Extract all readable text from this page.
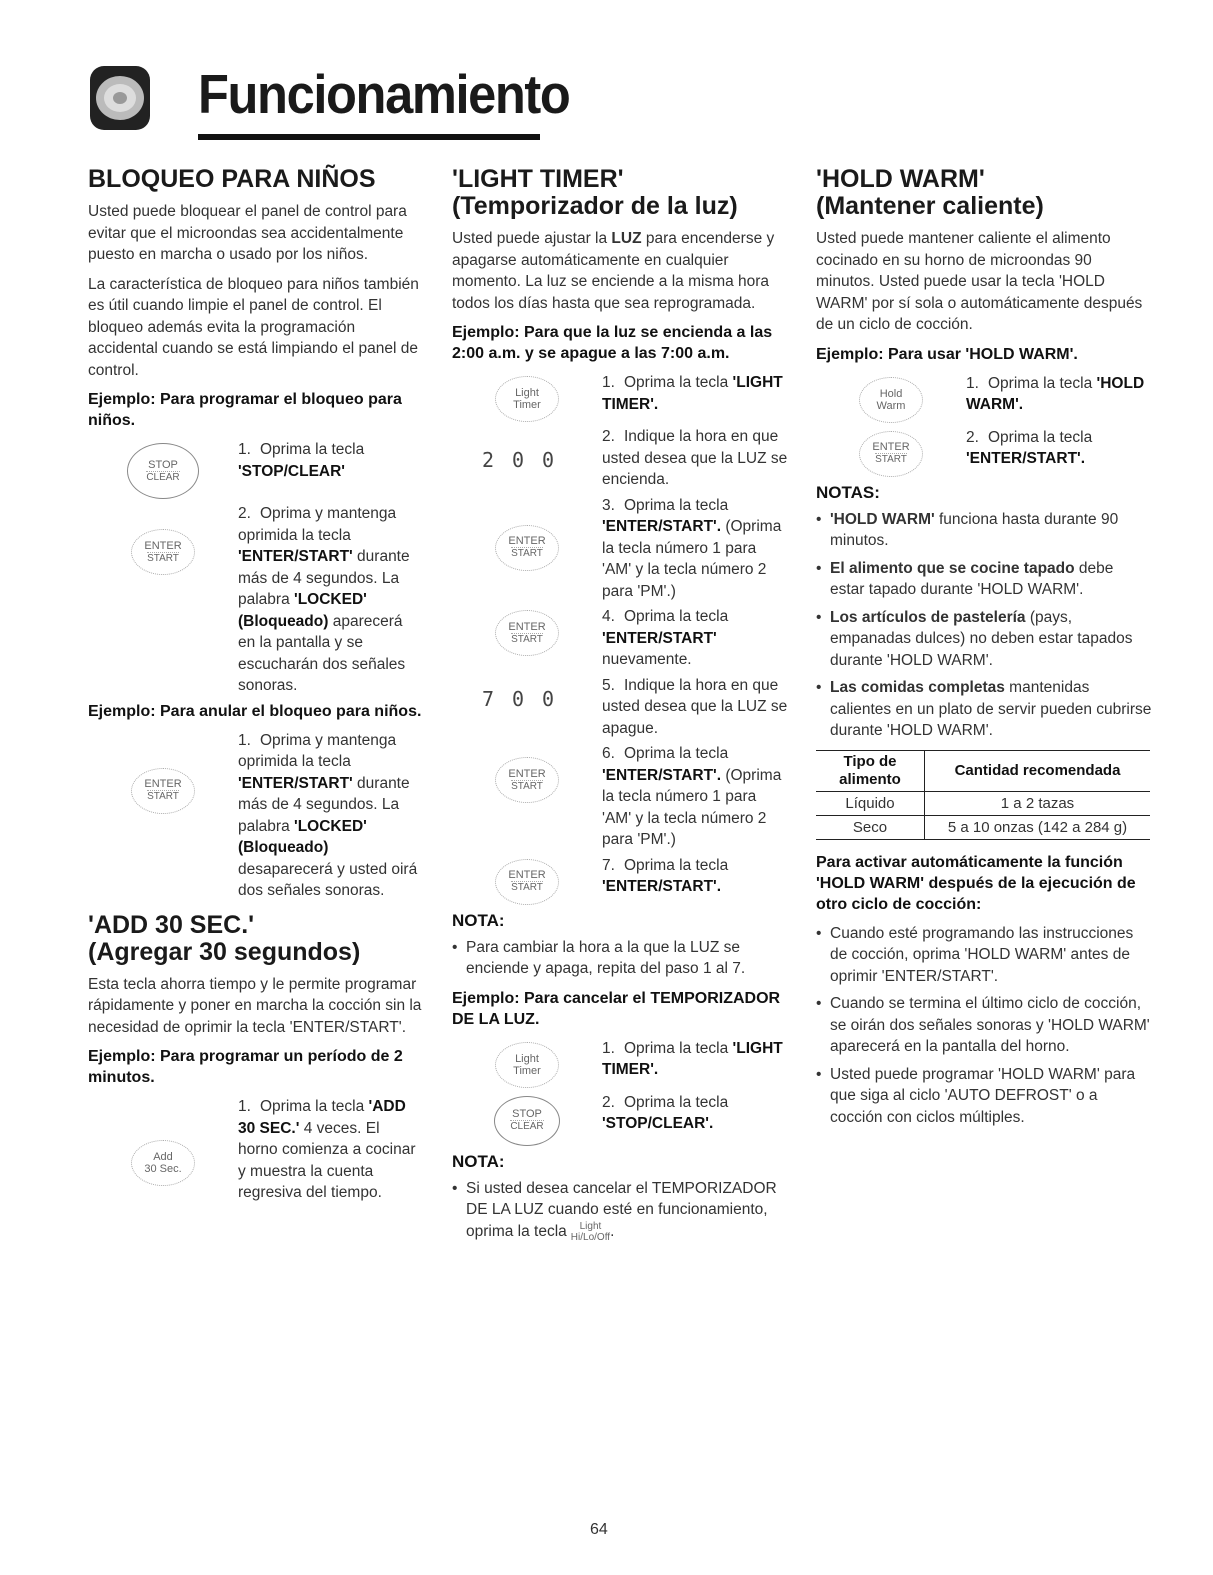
Funcionamiento
BLOQUEO PARA NIÑOS

Usted puede bloquear el panel de control para evitar que el microondas sea accidentalmente puesto en marcha o usado por los niños.

La característica de bloqueo para niños también es útil cuando limpie el panel de control. El bloqueo además evita la programación accidental cuando se está limpiando el panel de control.

Ejemplo: Para programar el bloqueo para niños.

STOP
CLEAR
1. Oprima la tecla 'STOP/CLEAR'
ENTER
START
2. Oprima y mantenga oprimida la tecla 'ENTER/START' durante más de 4 segundos. La palabra 'LOCKED' (Bloqueado) aparecerá en la pantalla y se escucharán dos señales sonoras.

Ejemplo: Para anular el bloqueo para niños.

ENTER
START
1. Oprima y mantenga oprimida la tecla 'ENTER/START' durante más de 4 segundos. La palabra 'LOCKED' (Bloqueado) desaparecerá y usted oirá dos señales sonoras.
'ADD 30 SEC.'
(Agregar 30 segundos)

Esta tecla ahorra tiempo y le permite programar rápidamente y poner en marcha la cocción sin la necesidad de oprimir la tecla 'ENTER/START'.

Ejemplo: Para programar un período de 2 minutos.

Add
30 Sec.
1. Oprima la tecla 'ADD 30 SEC.' 4 veces. El horno comienza a cocinar y muestra la cuenta regresiva del tiempo.
'LIGHT TIMER'
(Temporizador de la luz)

Usted puede ajustar la LUZ para encenderse y apagarse automáticamente en cualquier momento. La luz se enciende a la misma hora todos los días hasta que sea reprogramada.

Ejemplo: Para que la luz se encienda a las 2:00 a.m. y se apague a las 7:00 a.m.

Light
Timer
1. Oprima la tecla 'LIGHT TIMER'.
200
2. Indique la hora en que usted desea que la LUZ se encienda.
ENTER
START
3. Oprima la tecla 'ENTER/START'. (Oprima la tecla número 1 para 'AM' y la tecla número 2 para 'PM'.)
ENTER
START
4. Oprima la tecla 'ENTER/START' nuevamente.
700
5. Indique la hora en que usted desea que la LUZ se apague.
ENTER
START
6. Oprima la tecla 'ENTER/START'. (Oprima la tecla número 1 para 'AM' y la tecla número 2 para 'PM'.)
ENTER
START
7. Oprima la tecla 'ENTER/START'.
NOTA:
• Para cambiar la hora a la que la LUZ se enciende y apaga, repita del paso 1 al 7.

Ejemplo: Para cancelar el TEMPORIZADOR DE LA LUZ.

Light
Timer
1. Oprima la tecla 'LIGHT TIMER'.
STOP
CLEAR
2. Oprima la tecla 'STOP/CLEAR'.
NOTA:
• Si usted desea cancelar el TEMPORIZADOR DE LA LUZ cuando esté en funcionamiento, oprima la tecla Light
Hi/Lo/Off.
'HOLD WARM'
(Mantener caliente)

Usted puede mantener caliente el alimento cocinado en su horno de microondas 90 minutos. Usted puede usar la tecla 'HOLD WARM' por sí sola o automáticamente después de un ciclo de cocción.

Ejemplo: Para usar 'HOLD WARM'.

Hold
Warm
1. Oprima la tecla 'HOLD WARM'.
ENTER
START
2. Oprima la tecla 'ENTER/START'.
NOTAS:
• 'HOLD WARM' funciona hasta durante 90 minutos.
• El alimento que se cocine tapado debe estar tapado durante 'HOLD WARM'.
• Los artículos de pastelería (pays, empanadas dulces) no deben estar tapados durante 'HOLD WARM'.
• Las comidas completas mantenidas calientes en un plato de servir pueden cubrirse durante 'HOLD WARM'.
Tipo de alimento	Cantidad recomendada
Líquido	1 a 2 tazas
Seco	5 a 10 onzas (142 a 284 g)

Para activar automáticamente la función 'HOLD WARM' después de la ejecución de otro ciclo de cocción:

• Cuando esté programando las instrucciones de cocción, oprima 'HOLD WARM' antes de oprimir 'ENTER/START'.
• Cuando se termina el último ciclo de cocción, se oirán dos señales sonoras y 'HOLD WARM' aparecerá en la pantalla del horno.
• Usted puede programar 'HOLD WARM' para que siga al ciclo 'AUTO DEFROST' o a cocción con ciclos múltiples.
64
